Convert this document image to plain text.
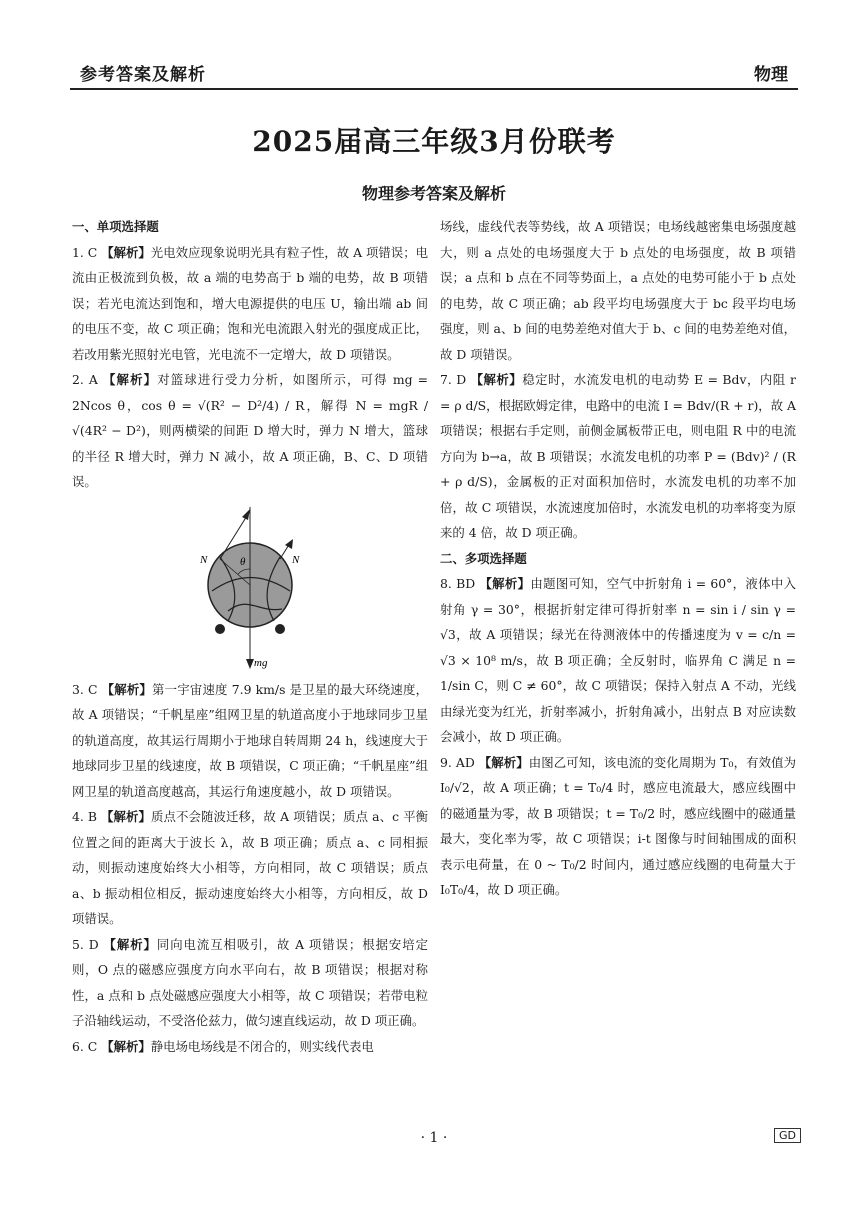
参考答案及解析	物理
2025届高三年级3月份联考
物理参考答案及解析

一、单项选择题

1. C 【解析】光电效应现象说明光具有粒子性，故 A 项错误；电流由正极流到负极，故 a 端的电势高于 b 端的电势，故 B 项错误；若光电流达到饱和，增大电源提供的电压 U，输出端 ab 间的电压不变，故 C 项正确；饱和光电流跟入射光的强度成正比，若改用紫光照射光电管，光电流不一定增大，故 D 项错误。

2. A 【解析】对篮球进行受力分析，如图所示，可得 mg = 2Ncos θ，cos θ = √(R² − D²/4) / R，解得 N = mgR / √(4R² − D²)，则两横梁的间距 D 增大时，弹力 N 增大，篮球的半径 R 增大时，弹力 N 减小，故 A 项正确，B、C、D 项错误。

N	N
θ
mg

3. C 【解析】第一宇宙速度 7.9 km/s 是卫星的最大环绕速度，故 A 项错误；“千帆星座”组网卫星的轨道高度小于地球同步卫星的轨道高度，故其运行周期小于地球自转周期 24 h，线速度大于地球同步卫星的线速度，故 B 项错误，C 项正确；“千帆星座”组网卫星的轨道高度越高，其运行角速度越小，故 D 项错误。

4. B 【解析】质点不会随波迁移，故 A 项错误；质点 a、c 平衡位置之间的距离大于波长 λ，故 B 项正确；质点 a、c 同相振动，则振动速度始终大小相等，方向相同，故 C 项错误；质点 a、b 振动相位相反，振动速度始终大小相等，方向相反，故 D 项错误。

5. D 【解析】同向电流互相吸引，故 A 项错误；根据安培定则，O 点的磁感应强度方向水平向右，故 B 项错误；根据对称性，a 点和 b 点处磁感应强度大小相等，故 C 项错误；若带电粒子沿轴线运动，不受洛伦兹力，做匀速直线运动，故 D 项正确。

6. C 【解析】静电场电场线是不闭合的，则实线代表电

场线，虚线代表等势线，故 A 项错误；电场线越密集电场强度越大，则 a 点处的电场强度大于 b 点处的电场强度，故 B 项错误；a 点和 b 点在不同等势面上，a 点处的电势可能小于 b 点处的电势，故 C 项正确；ab 段平均电场强度大于 bc 段平均电场强度，则 a、b 间的电势差绝对值大于 b、c 间的电势差绝对值，故 D 项错误。

7. D 【解析】稳定时，水流发电机的电动势 E = Bdv，内阻 r = ρ d/S，根据欧姆定律，电路中的电流 I = Bdv/(R + r)，故 A 项错误；根据右手定则，前侧金属板带正电，则电阻 R 中的电流方向为 b→a，故 B 项错误；水流发电机的功率 P = (Bdv)² / (R + ρ d/S)，金属板的正对面积加倍时，水流发电机的功率不加倍，故 C 项错误，水流速度加倍时，水流发电机的功率将变为原来的 4 倍，故 D 项正确。

二、多项选择题

8. BD 【解析】由题图可知，空气中折射角 i = 60°，液体中入射角 γ = 30°，根据折射定律可得折射率 n = sin i / sin γ = √3，故 A 项错误；绿光在待测液体中的传播速度为 v = c/n = √3 × 10⁸ m/s，故 B 项正确；全反射时，临界角 C 满足 n = 1/sin C，则 C ≠ 60°，故 C 项错误；保持入射点 A 不动，光线由绿光变为红光，折射率减小，折射角减小，出射点 B 对应读数会减小，故 D 项正确。

9. AD 【解析】由图乙可知，该电流的变化周期为 T₀，有效值为 I₀/√2，故 A 项正确；t = T₀/4 时，感应电流最大，感应线圈中的磁通量为零，故 B 项错误；t = T₀/2 时，感应线圈中的磁通量最大，变化率为零，故 C 项错误；i-t 图像与时间轴围成的面积表示电荷量，在 0 ~ T₀/2 时间内，通过感应线圈的电荷量大于 I₀T₀/4，故 D 项正确。

· 1 ·	GD
